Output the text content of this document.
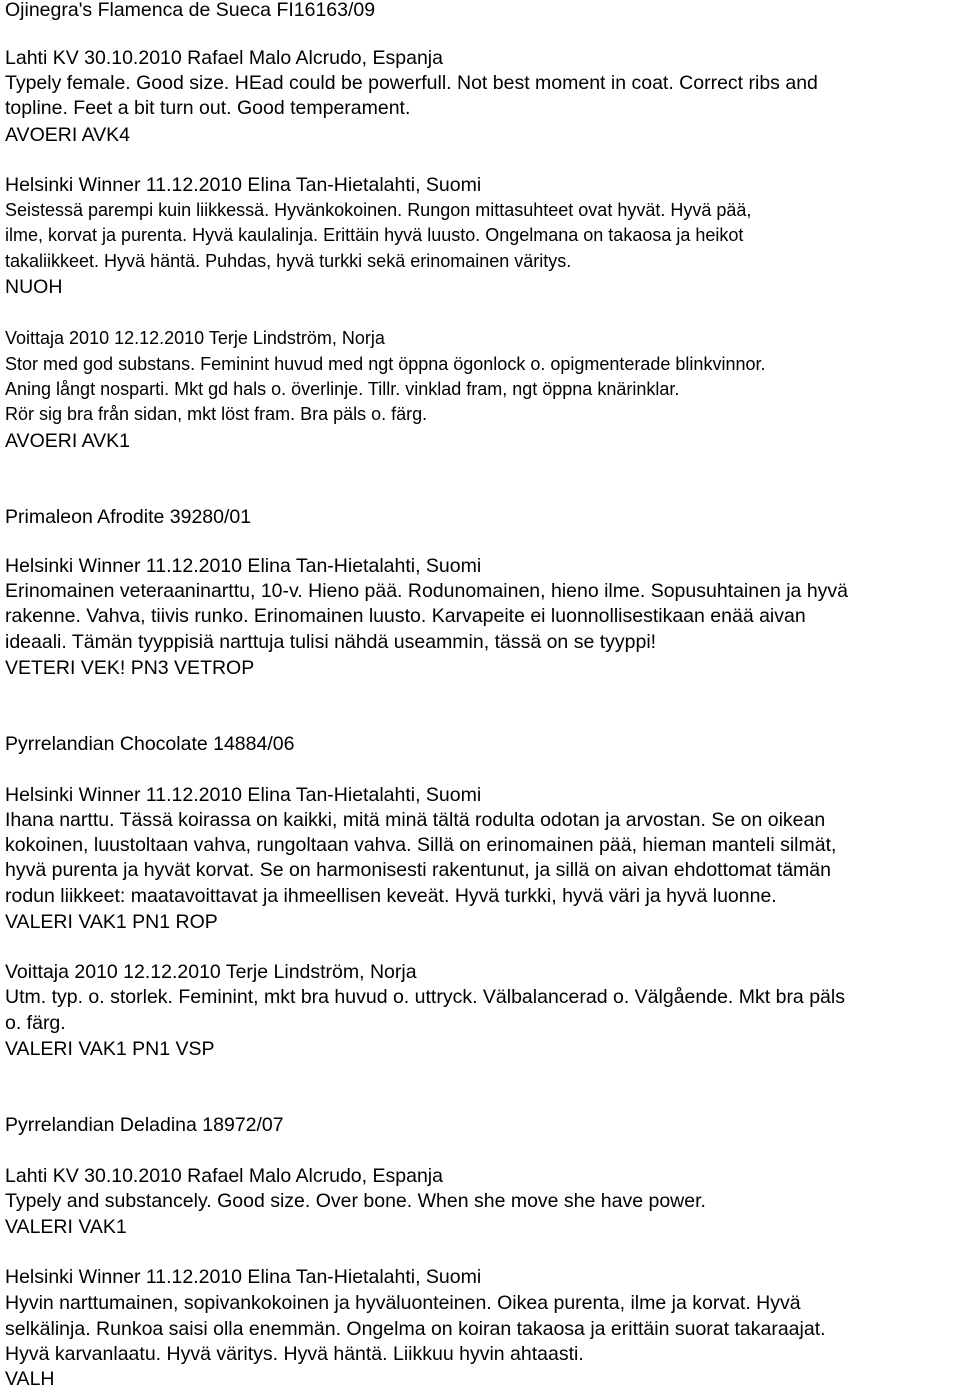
Ojinegra's Flamenca de Sueca FI16163/09
Lahti KV 30.10.2010 Rafael Malo Alcrudo, Espanja
Typely female. Good size. HEad could be powerfull. Not best moment in coat. Correct ribs and
topline. Feet a bit turn out. Good temperament.
AVOERI AVK4
Helsinki Winner 11.12.2010 Elina Tan-Hietalahti, Suomi
Seistessä parempi kuin liikkessä. Hyvänkokoinen. Rungon mittasuhteet ovat hyvät. Hyvä pää,
ilme, korvat ja purenta. Hyvä kaulalinja. Erittäin hyvä luusto. Ongelmana on takaosa ja heikot
takaliikkeet. Hyvä häntä. Puhdas, hyvä turkki sekä erinomainen väritys.
NUOH
Voittaja 2010 12.12.2010 Terje Lindström, Norja
Stor med god substans. Feminint huvud med ngt öppna ögonlock o. opigmenterade blinkvinnor.
Aning långt nosparti. Mkt gd hals o. överlinje. Tillr. vinklad fram, ngt öppna knärinklar.
Rör sig bra från sidan, mkt löst fram. Bra päls o. färg.
AVOERI AVK1
Primaleon Afrodite 39280/01
Helsinki Winner 11.12.2010 Elina Tan-Hietalahti, Suomi
Erinomainen veteraaninarttu, 10-v. Hieno pää. Rodunomainen, hieno ilme. Sopusuhtainen ja hyvä
rakenne. Vahva, tiivis runko. Erinomainen luusto. Karvapeite ei luonnollisestikaan enää aivan
ideaali. Tämän tyyppisiä narttuja tulisi nähdä useammin, tässä on se tyyppi!
VETERI VEK! PN3 VETROP
Pyrrelandian Chocolate 14884/06
Helsinki Winner 11.12.2010 Elina Tan-Hietalahti, Suomi
Ihana narttu. Tässä koirassa on kaikki, mitä minä tältä rodulta odotan ja arvostan. Se on oikean
kokoinen, luustoltaan vahva, rungoltaan vahva. Sillä on erinomainen pää, hieman manteli silmät,
hyvä purenta ja hyvät korvat. Se on harmonisesti rakentunut, ja sillä on aivan ehdottomat tämän
rodun liikkeet: maatavoittavat ja ihmeellisen keveät. Hyvä turkki, hyvä väri ja hyvä luonne.
VALERI VAK1 PN1 ROP
Voittaja 2010 12.12.2010 Terje Lindström, Norja
Utm. typ. o. storlek. Feminint, mkt bra huvud o. uttryck. Välbalancerad o. Välgående. Mkt bra päls
o. färg.
VALERI VAK1 PN1 VSP
Pyrrelandian Deladina 18972/07
Lahti KV 30.10.2010 Rafael Malo Alcrudo, Espanja
Typely and substancely. Good size. Over bone. When she move she have power.
VALERI VAK1
Helsinki Winner 11.12.2010 Elina Tan-Hietalahti, Suomi
Hyvin narttumainen, sopivankokoinen ja hyväluonteinen. Oikea purenta, ilme ja korvat. Hyvä
selkälinja. Runkoa saisi olla enemmän. Ongelma on koiran takaosa ja erittäin suorat takaraajat.
Hyvä karvanlaatu. Hyvä väritys. Hyvä häntä. Liikkuu hyvin ahtaasti.
VALH
